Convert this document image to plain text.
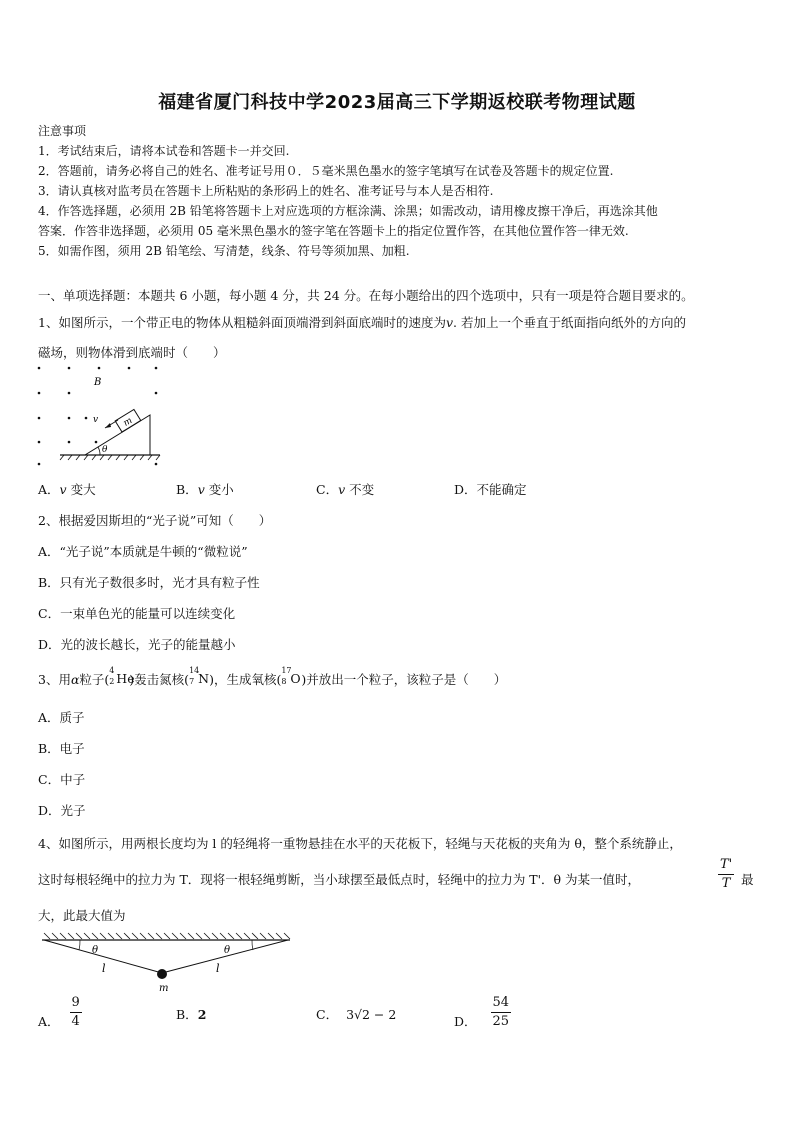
福建省厦门科技中学2023届高三下学期返校联考物理试题
注意事项
1．考试结束后，请将本试卷和答题卡一并交回.
2．答题前，请务必将自己的姓名、准考证号用０．５毫米黑色墨水的签字笔填写在试卷及答题卡的规定位置.
3．请认真核对监考员在答题卡上所粘贴的条形码上的姓名、准考证号与本人是否相符.
4．作答选择题，必须用 2B 铅笔将答题卡上对应选项的方框涂满、涂黑；如需改动，请用橡皮擦干净后，再选涂其他
答案．作答非选择题，必须用 05 毫米黑色墨水的签字笔在答题卡上的指定位置作答，在其他位置作答一律无效.
5．如需作图，须用 2B 铅笔绘、写清楚，线条、符号等须加黑、加粗.
一、单项选择题：本题共 6 小题，每小题 4 分，共 24 分。在每小题给出的四个选项中，只有一项是符合题目要求的。
1、如图所示，一个带正电的物体从粗糙斜面顶端滑到斜面底端时的速度为v. 若加上一个垂直于纸面指向纸外的方向的
磁场，则物体滑到底端时（　　）
B
θ
m
v
A．v 变大	B．v 变小	C．v 不变	D．不能确定
2、根据爱因斯坦的“光子说”可知（　　）
A．“光子说”本质就是牛顿的“微粒说”
B．只有光子数很多时，光才具有粒子性
C．一束单色光的能量可以连续变化
D．光的波长越长，光子的能量越小
3、用α粒子(
4
2 He
)轰击氮核(
14
7 N )，生成氧核(
17
8 O )并放出一个粒子，该粒子是（　　）
A．质子
B．电子
C．中子
D．光子
4、如图所示，用两根长度均为 l 的轻绳将一重物悬挂在水平的天花板下，轻绳与天花板的夹角为 θ，整个系统静止，
这时每根轻绳中的拉力为 T．现将一根轻绳剪断，当小球摆至最低点时，轻绳中的拉力为 T'．θ 为某一值时，	$\frac{T'}{T}$ 最
大，此最大值为
θ	θ
l	l
m
A． $\frac{9}{4}$	B．2	C． 3√2 − 2	D． $\frac{54}{25}$
